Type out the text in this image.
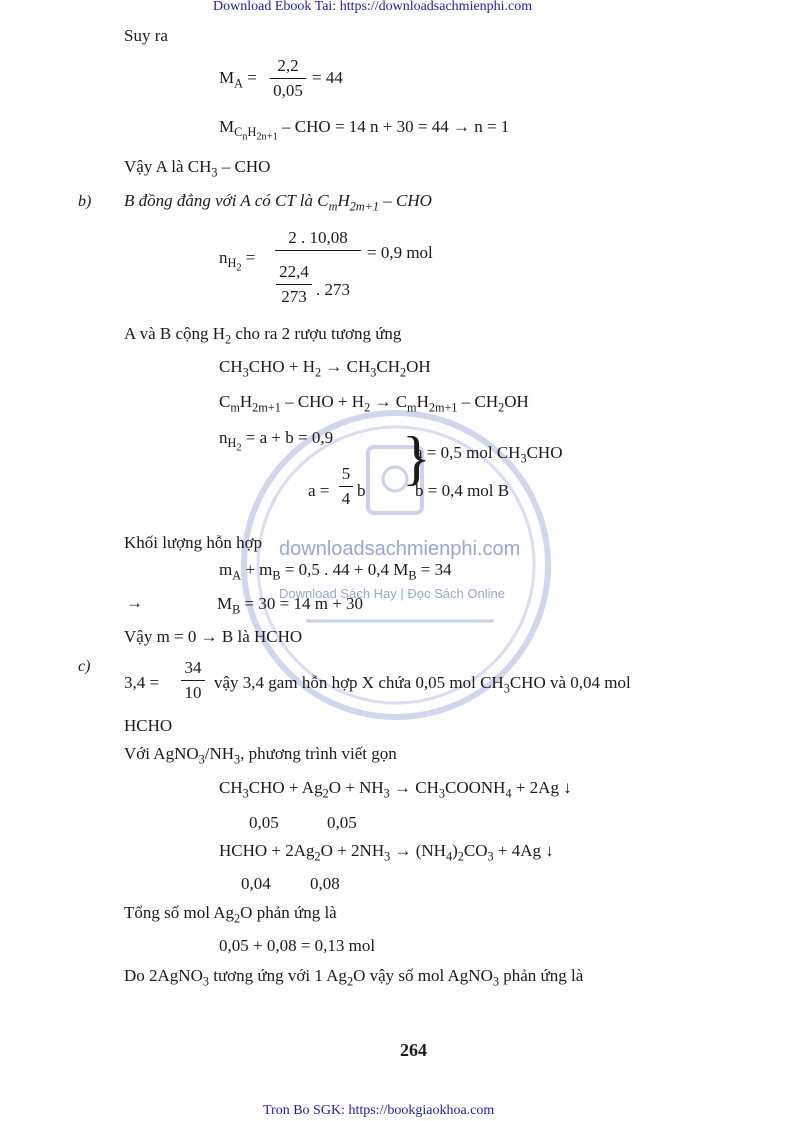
Download Ebook Tai: https://downloadsachmienphi.com
downloadsachmienphi.com
Download Sách Hay | Đọc Sách Online
Suy ra
$M_A$ =
2,2
0,05
= 44
$M_{C_nH_{2n+1}}$ – CHO = 14 n + 30 = 44 → n = 1
Vậy A là $CH_3$ – CHO
b) B đồng đẳng với A có CT là $C_mH_{2m+1}$ – CHO
$n_{H_2}$ =
2 . 10,08
22,4
273 . 273
= 0,9 mol
A và B cộng $H_2$ cho ra 2 rượu tương ứng
$CH_3CHO + H_2 \to CH_3CH_2OH$
$C_mH_{2m+1}$ – CHO + $H_2 \to C_mH_{2m+1} - CH_2OH$
$n_{H_2} = a + b = 0,9$
a =
5
4 b }
a = 0,5 mol $CH_3CHO$
b = 0,4 mol B
Khối lượng hỗn hợp
$m_A + m_B = 0,5$ . 44 + 0,4 $M_B = 34$
→	$M_B = 30 = 14$ m + 30
Vậy m = 0 → B là HCHO
c)
3,4 =
34
10
vậy 3,4 gam hỗn hợp X chứa 0,05 mol $CH_3CHO$ và 0,04 mol
HCHO
Với $AgNO_3/NH_3$, phương trình viết gọn
$CH_3CHO + Ag_2O + NH_3$ → $CH_3COONH_4 + 2Ag$ ↓
0,05	0,05
HCHO + $2Ag_2O + 2NH_3 \to (NH_4)_2CO_3 + 4Ag$ ↓
0,04 0,08
Tổng số mol $Ag_2O$ phản ứng là
0,05 + 0,08 = 0,13 mol
Do 2AgNO$_3$ tương ứng với 1 $Ag_2O$ vậy số mol AgNO$_3$ phản ứng là
264
Tron Bo SGK: https://bookgiaokhoa.com
